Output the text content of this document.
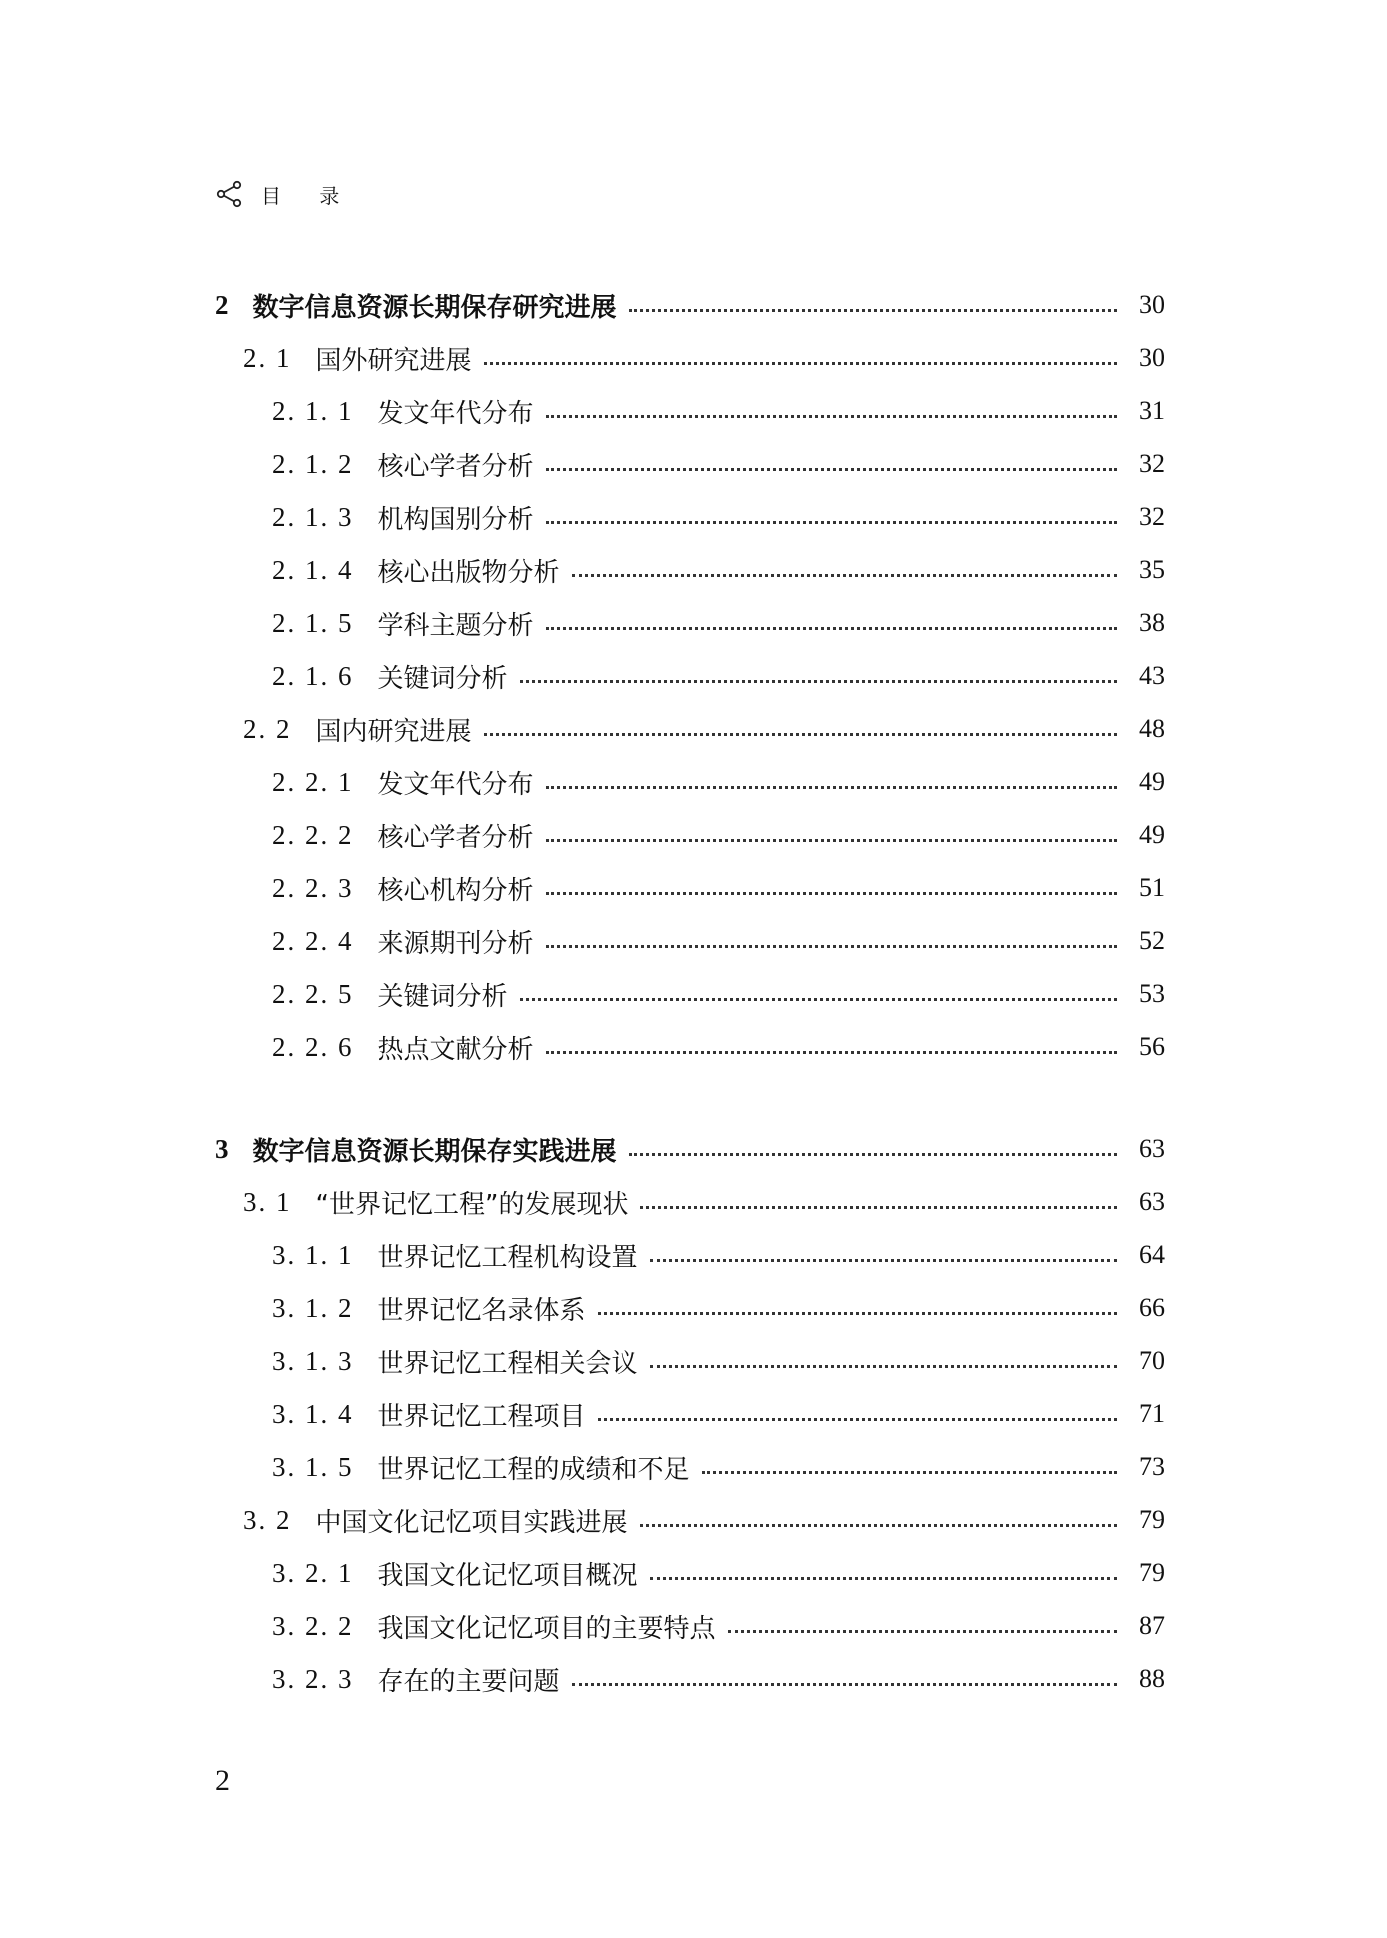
目 录
2 数字信息资源长期保存研究进展	30
2. 1 国外研究进展	30
2. 1. 1 发文年代分布	31
2. 1. 2 核心学者分析	32
2. 1. 3 机构国别分析	32
2. 1. 4 核心出版物分析	35
2. 1. 5 学科主题分析	38
2. 1. 6 关键词分析	43
2. 2 国内研究进展	48
2. 2. 1 发文年代分布	49
2. 2. 2 核心学者分析	49
2. 2. 3 核心机构分析	51
2. 2. 4 来源期刊分析	52
2. 2. 5 关键词分析	53
2. 2. 6 热点文献分析	56
3 数字信息资源长期保存实践进展	63
3. 1 “世界记忆工程”的发展现状	63
3. 1. 1 世界记忆工程机构设置	64
3. 1. 2 世界记忆名录体系	66
3. 1. 3 世界记忆工程相关会议	70
3. 1. 4 世界记忆工程项目	71
3. 1. 5 世界记忆工程的成绩和不足	73
3. 2 中国文化记忆项目实践进展	79
3. 2. 1 我国文化记忆项目概况	79
3. 2. 2 我国文化记忆项目的主要特点	87
3. 2. 3 存在的主要问题	88
2
